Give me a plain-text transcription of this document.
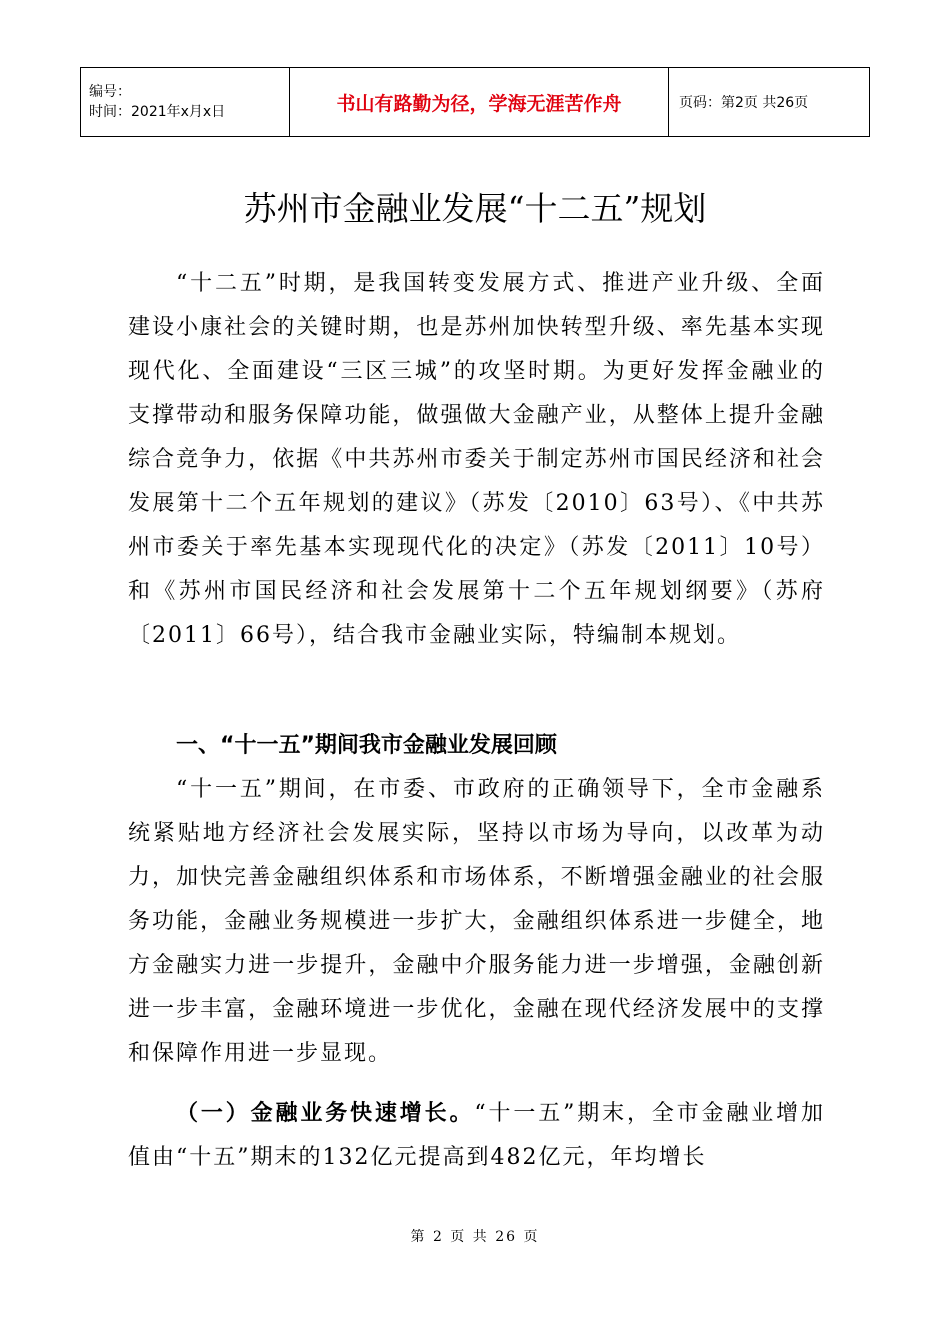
编号：
时间：2021年x月x日	书山有路勤为径，学海无涯苦作舟	页码：第2页 共26页
苏州市金融业发展“十二五”规划

“十二五”时期，是我国转变发展方式、推进产业升级、全面建设小康社会的关键时期，也是苏州加快转型升级、率先基本实现现代化、全面建设“三区三城”的攻坚时期。为更好发挥金融业的支撑带动和服务保障功能，做强做大金融产业，从整体上提升金融综合竞争力，依据《中共苏州市委关于制定苏州市国民经济和社会发展第十二个五年规划的建议》（苏发〔2010〕63号）、《中共苏州市委关于率先基本实现现代化的决定》（苏发〔2011〕10号）和《苏州市国民经济和社会发展第十二个五年规划纲要》（苏府〔2011〕66号），结合我市金融业实际，特编制本规划。

一、“十一五”期间我市金融业发展回顾

“十一五”期间，在市委、市政府的正确领导下，全市金融系统紧贴地方经济社会发展实际，坚持以市场为导向，以改革为动力，加快完善金融组织体系和市场体系，不断增强金融业的社会服务功能，金融业务规模进一步扩大，金融组织体系进一步健全，地方金融实力进一步提升，金融中介服务能力进一步增强，金融创新进一步丰富，金融环境进一步优化，金融在现代经济发展中的支撑和保障作用进一步显现。

（一）金融业务快速增长。“十一五”期末，全市金融业增加值由“十五”期末的132亿元提高到482亿元，年均增长

第 2 页 共 26 页
